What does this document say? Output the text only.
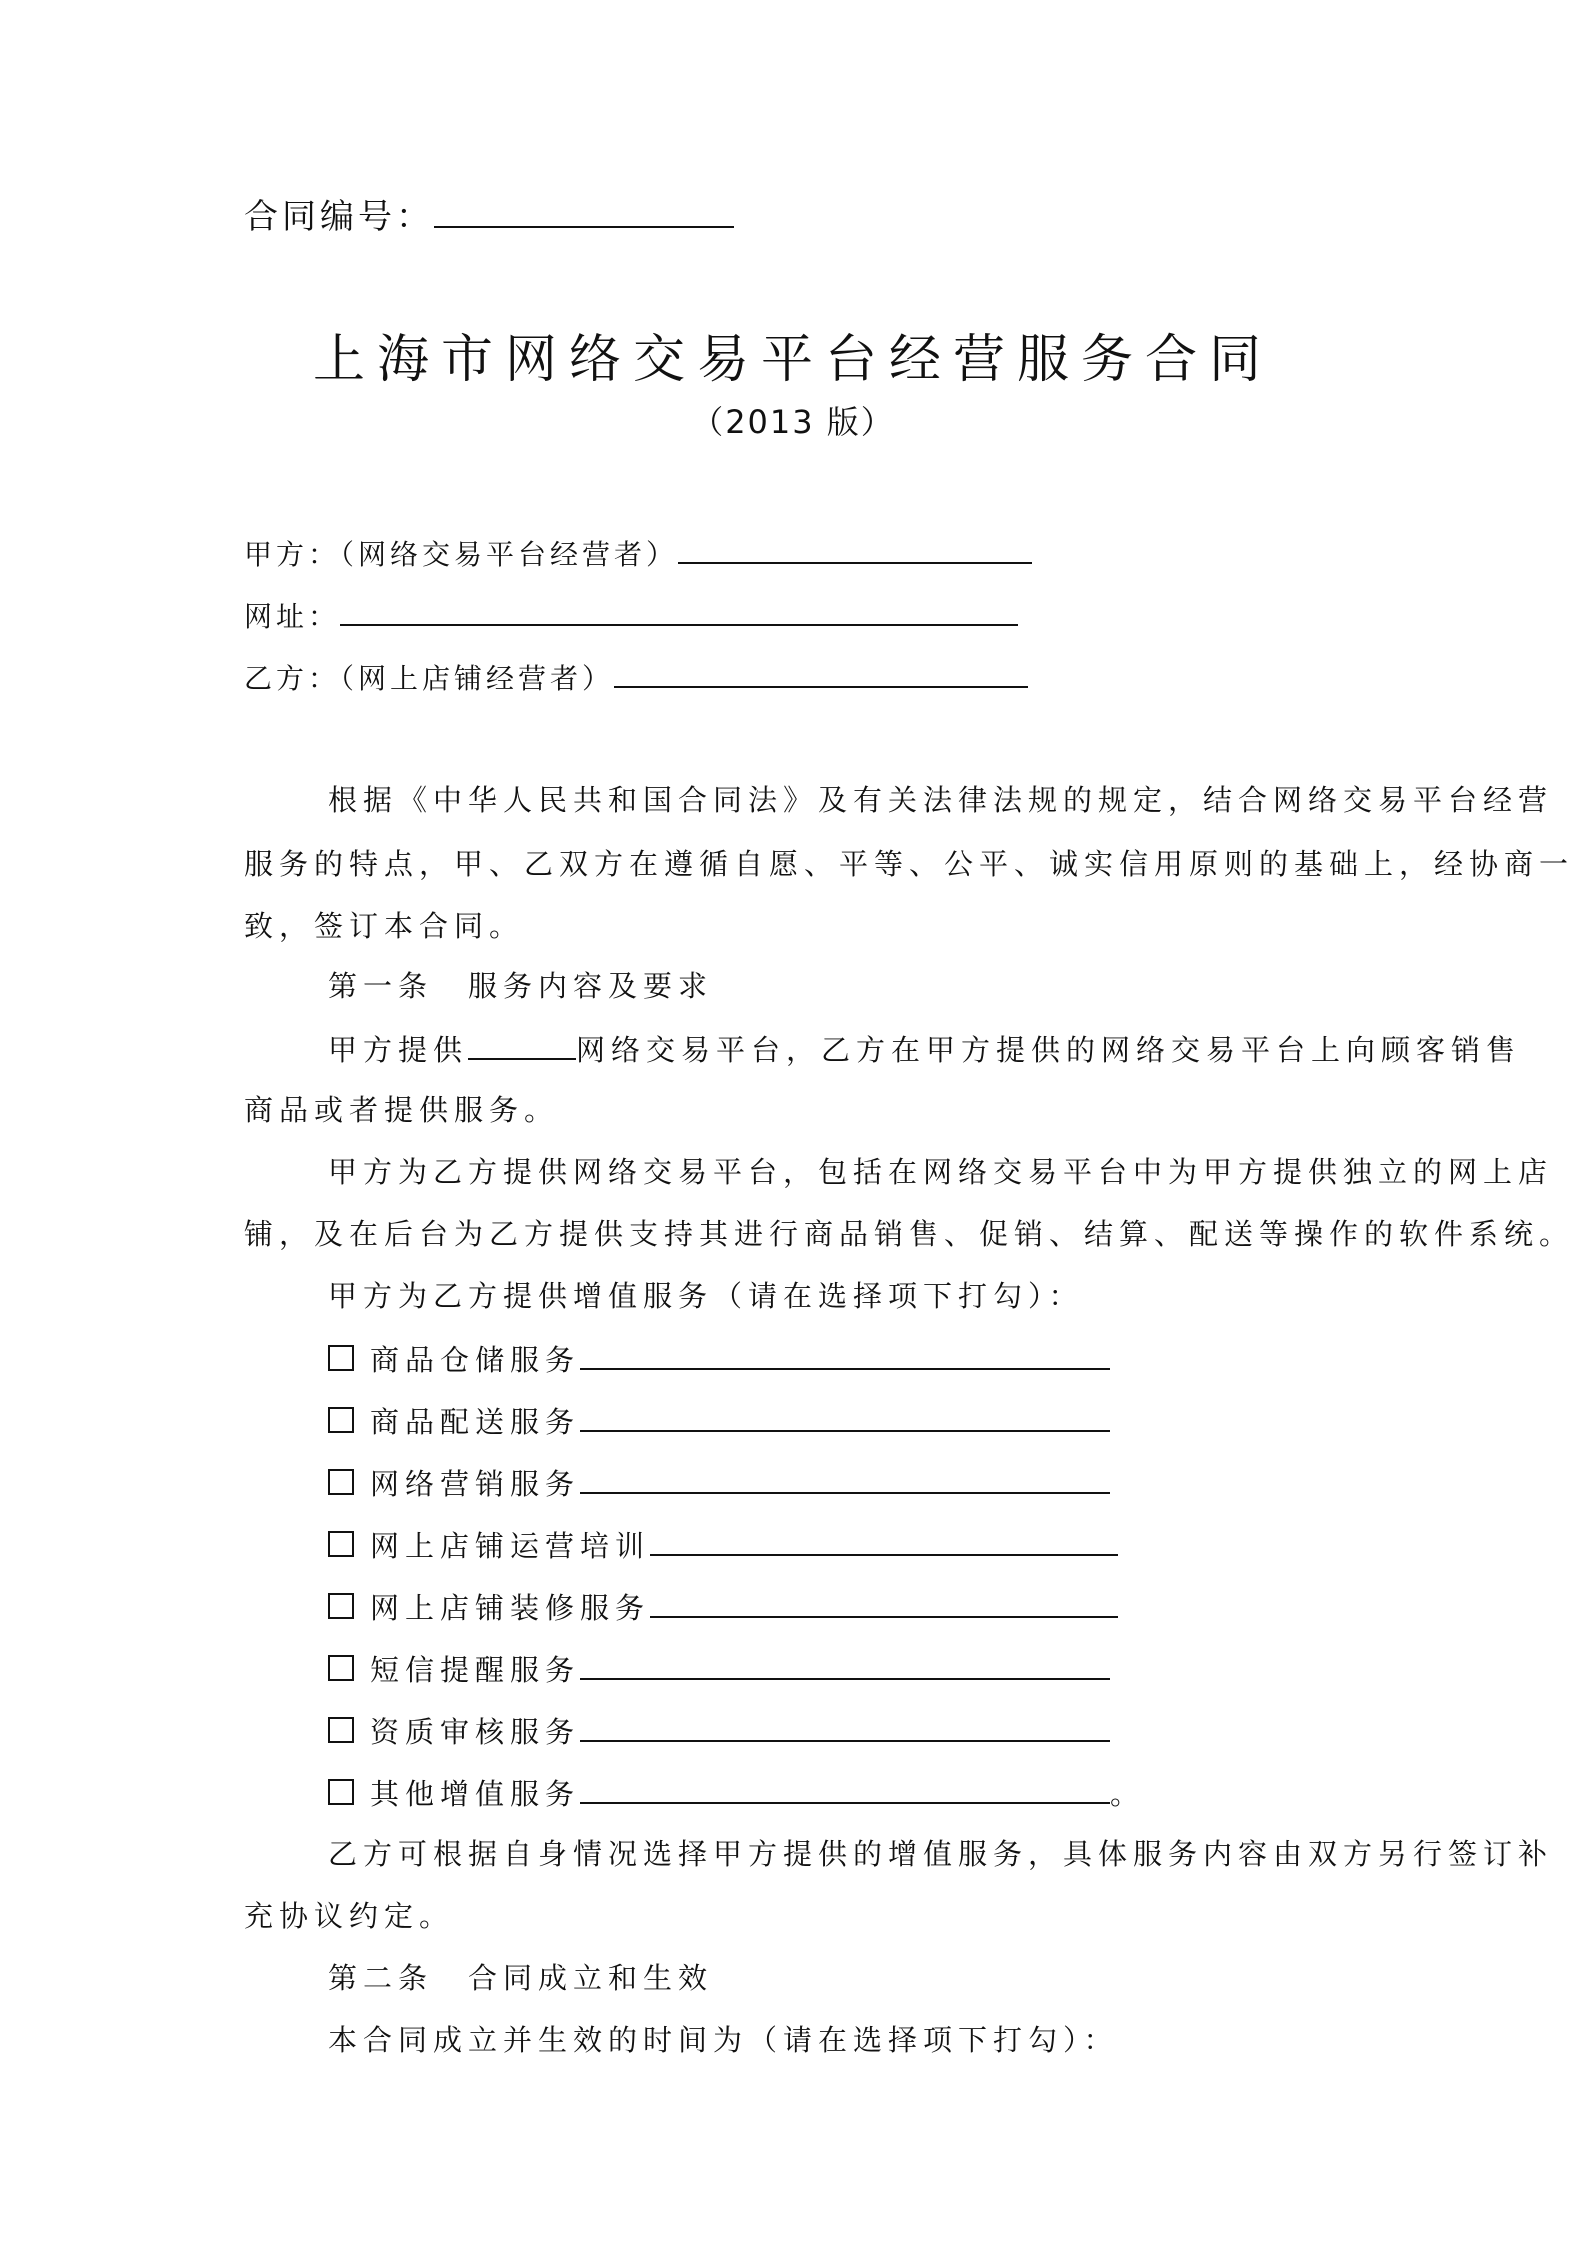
合同编号：
上海市网络交易平台经营服务合同
（2013 版）
甲方：（网络交易平台经营者）
网址：
乙方：（网上店铺经营者）
根据《中华人民共和国合同法》及有关法律法规的规定，结合网络交易平台经营
服务的特点，甲、乙双方在遵循自愿、平等、公平、诚实信用原则的基础上，经协商一
致，签订本合同。
第一条　服务内容及要求
甲方提供	网络交易平台，乙方在甲方提供的网络交易平台上向顾客销售
商品或者提供服务。
甲方为乙方提供网络交易平台，包括在网络交易平台中为甲方提供独立的网上店
铺，及在后台为乙方提供支持其进行商品销售、促销、结算、配送等操作的软件系统。
甲方为乙方提供增值服务（请在选择项下打勾）：
商品仓储服务
商品配送服务
网络营销服务
网上店铺运营培训
网上店铺装修服务
短信提醒服务
资质审核服务
其他增值服务	。
乙方可根据自身情况选择甲方提供的增值服务，具体服务内容由双方另行签订补
充协议约定。
第二条　合同成立和生效
本合同成立并生效的时间为（请在选择项下打勾）：
